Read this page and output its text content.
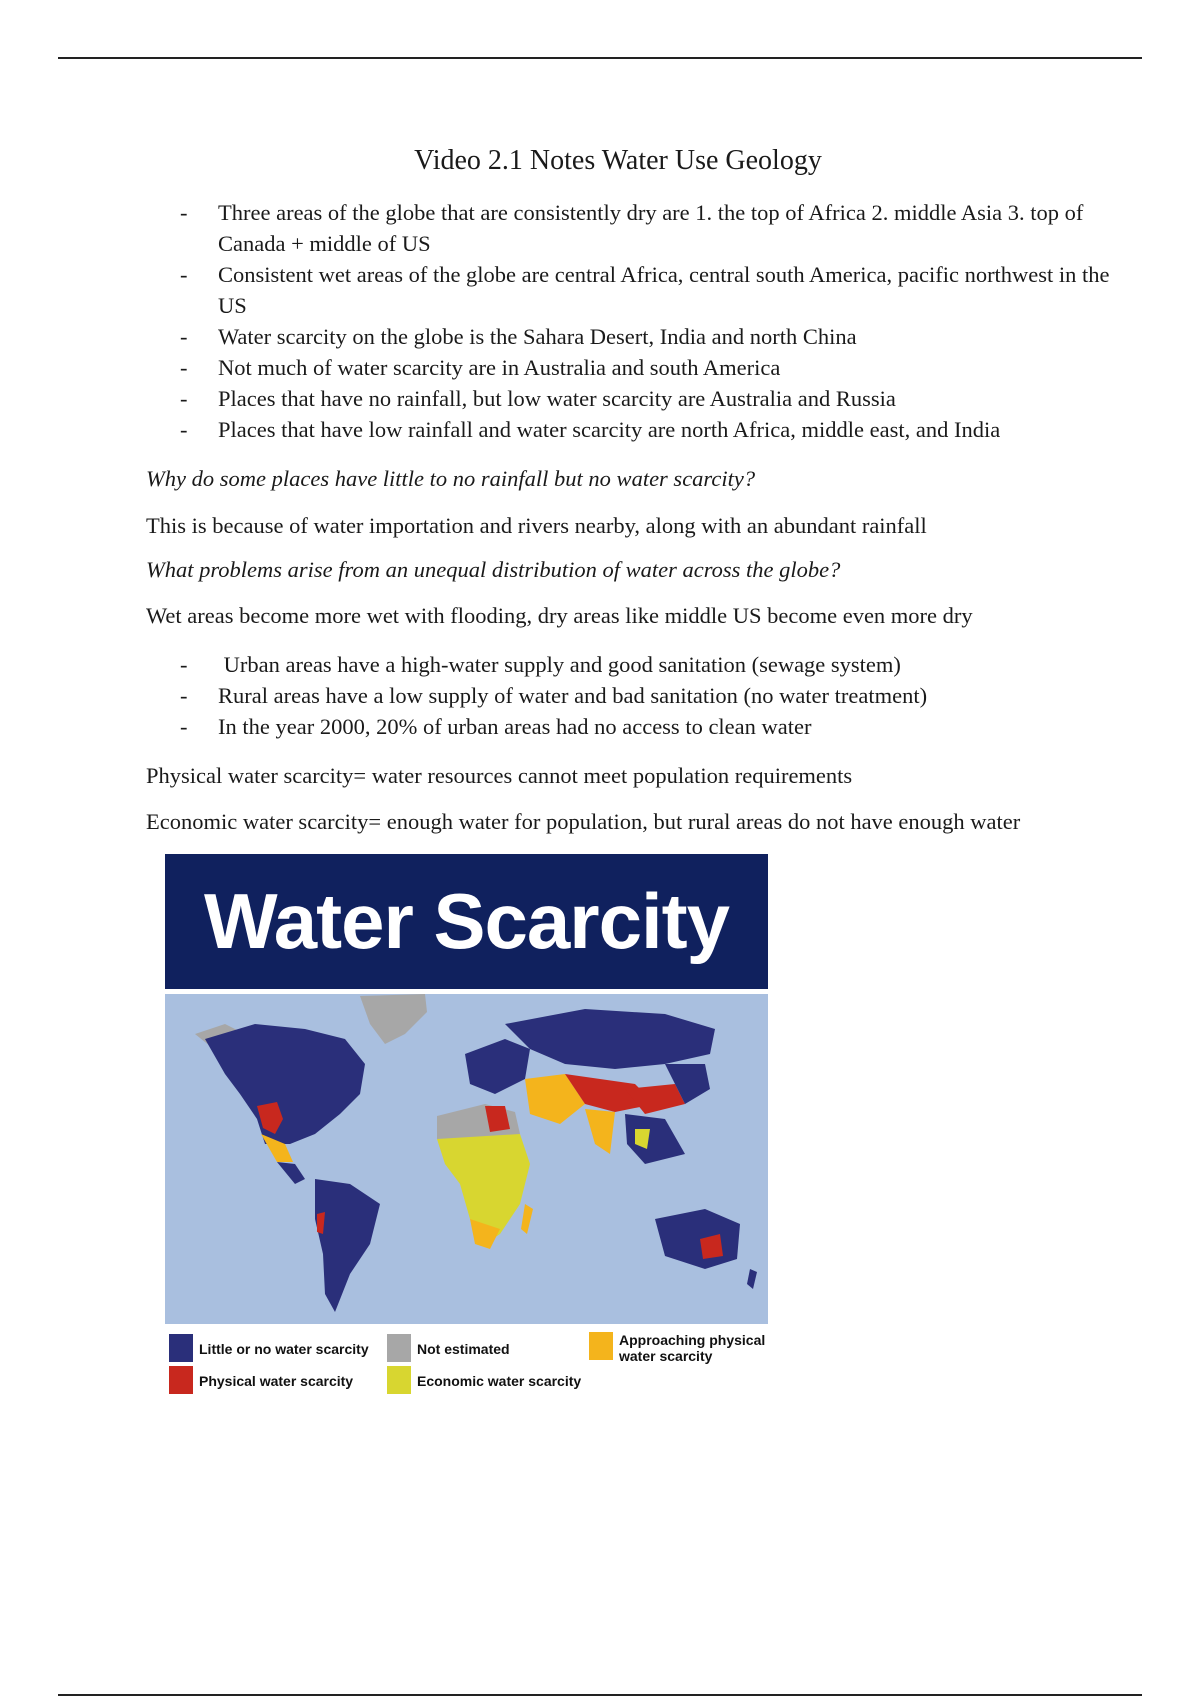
Video 2.1 Notes Water Use Geology
- Three areas of the globe that are consistently dry are 1. the top of Africa 2. middle Asia 3. top of Canada + middle of US
- Consistent wet areas of the globe are central Africa, central south America, pacific northwest in the US
- Water scarcity on the globe is the Sahara Desert, India and north China
- Not much of water scarcity are in Australia and south America
- Places that have no rainfall, but low water scarcity are Australia and Russia
- Places that have low rainfall and water scarcity are north Africa, middle east, and India
Why do some places have little to no rainfall but no water scarcity?
This is because of water importation and rivers nearby, along with an abundant rainfall
What problems arise from an unequal distribution of water across the globe?
Wet areas become more wet with flooding, dry areas like middle US become even more dry
- Urban areas have a high-water supply and good sanitation (sewage system)
- Rural areas have a low supply of water and bad sanitation (no water treatment)
- In the year 2000, 20% of urban areas had no access to clean water
Physical water scarcity= water resources cannot meet population requirements
Economic water scarcity= enough water for population, but rural areas do not have enough water
Water Scarcity
Little or no water scarcity
Physical water scarcity
Not estimated
Economic water scarcity
Approaching physical water scarcity
